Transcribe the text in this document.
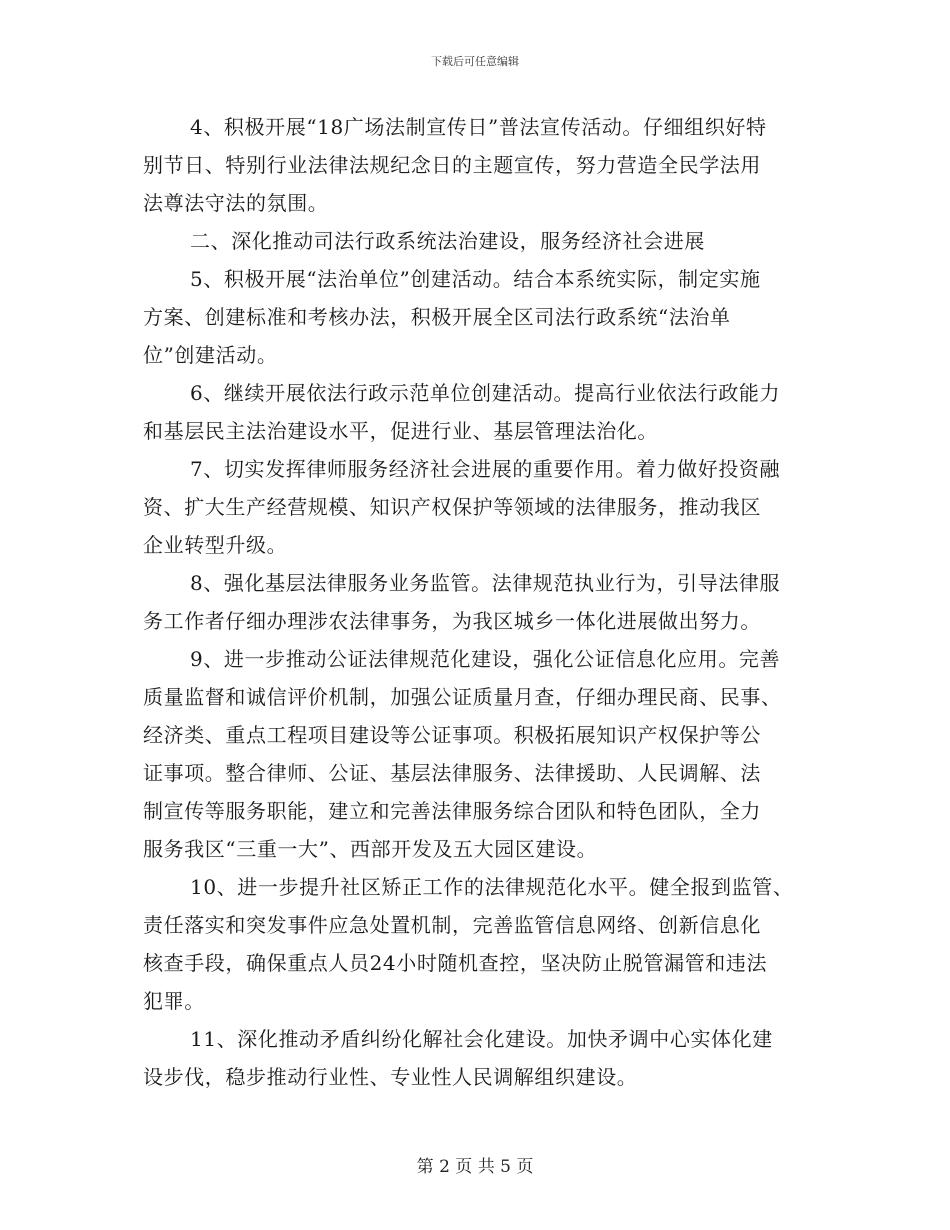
下载后可任意编辑
4、积极开展“18广场法制宣传日”普法宣传活动。仔细组织好特
别节日、特别行业法律法规纪念日的主题宣传，努力营造全民学法用
法尊法守法的氛围。
二、深化推动司法行政系统法治建设，服务经济社会进展
5、积极开展“法治单位”创建活动。结合本系统实际，制定实施
方案、创建标准和考核办法，积极开展全区司法行政系统“法治单
位”创建活动。
6、继续开展依法行政示范单位创建活动。提高行业依法行政能力
和基层民主法治建设水平，促进行业、基层管理法治化。
7、切实发挥律师服务经济社会进展的重要作用。着力做好投资融
资、扩大生产经营规模、知识产权保护等领域的法律服务，推动我区
企业转型升级。
8、强化基层法律服务业务监管。法律规范执业行为，引导法律服
务工作者仔细办理涉农法律事务，为我区城乡一体化进展做出努力。
9、进一步推动公证法律规范化建设，强化公证信息化应用。完善
质量监督和诚信评价机制，加强公证质量月查，仔细办理民商、民事、
经济类、重点工程项目建设等公证事项。积极拓展知识产权保护等公
证事项。整合律师、公证、基层法律服务、法律援助、人民调解、法
制宣传等服务职能，建立和完善法律服务综合团队和特色团队，全力
服务我区“三重一大”、西部开发及五大园区建设。
10、进一步提升社区矫正工作的法律规范化水平。健全报到监管、
责任落实和突发事件应急处置机制，完善监管信息网络、创新信息化
核查手段，确保重点人员24小时随机查控，坚决防止脱管漏管和违法
犯罪。
11、深化推动矛盾纠纷化解社会化建设。加快矛调中心实体化建
设步伐，稳步推动行业性、专业性人民调解组织建设。
第 2 页 共 5 页
